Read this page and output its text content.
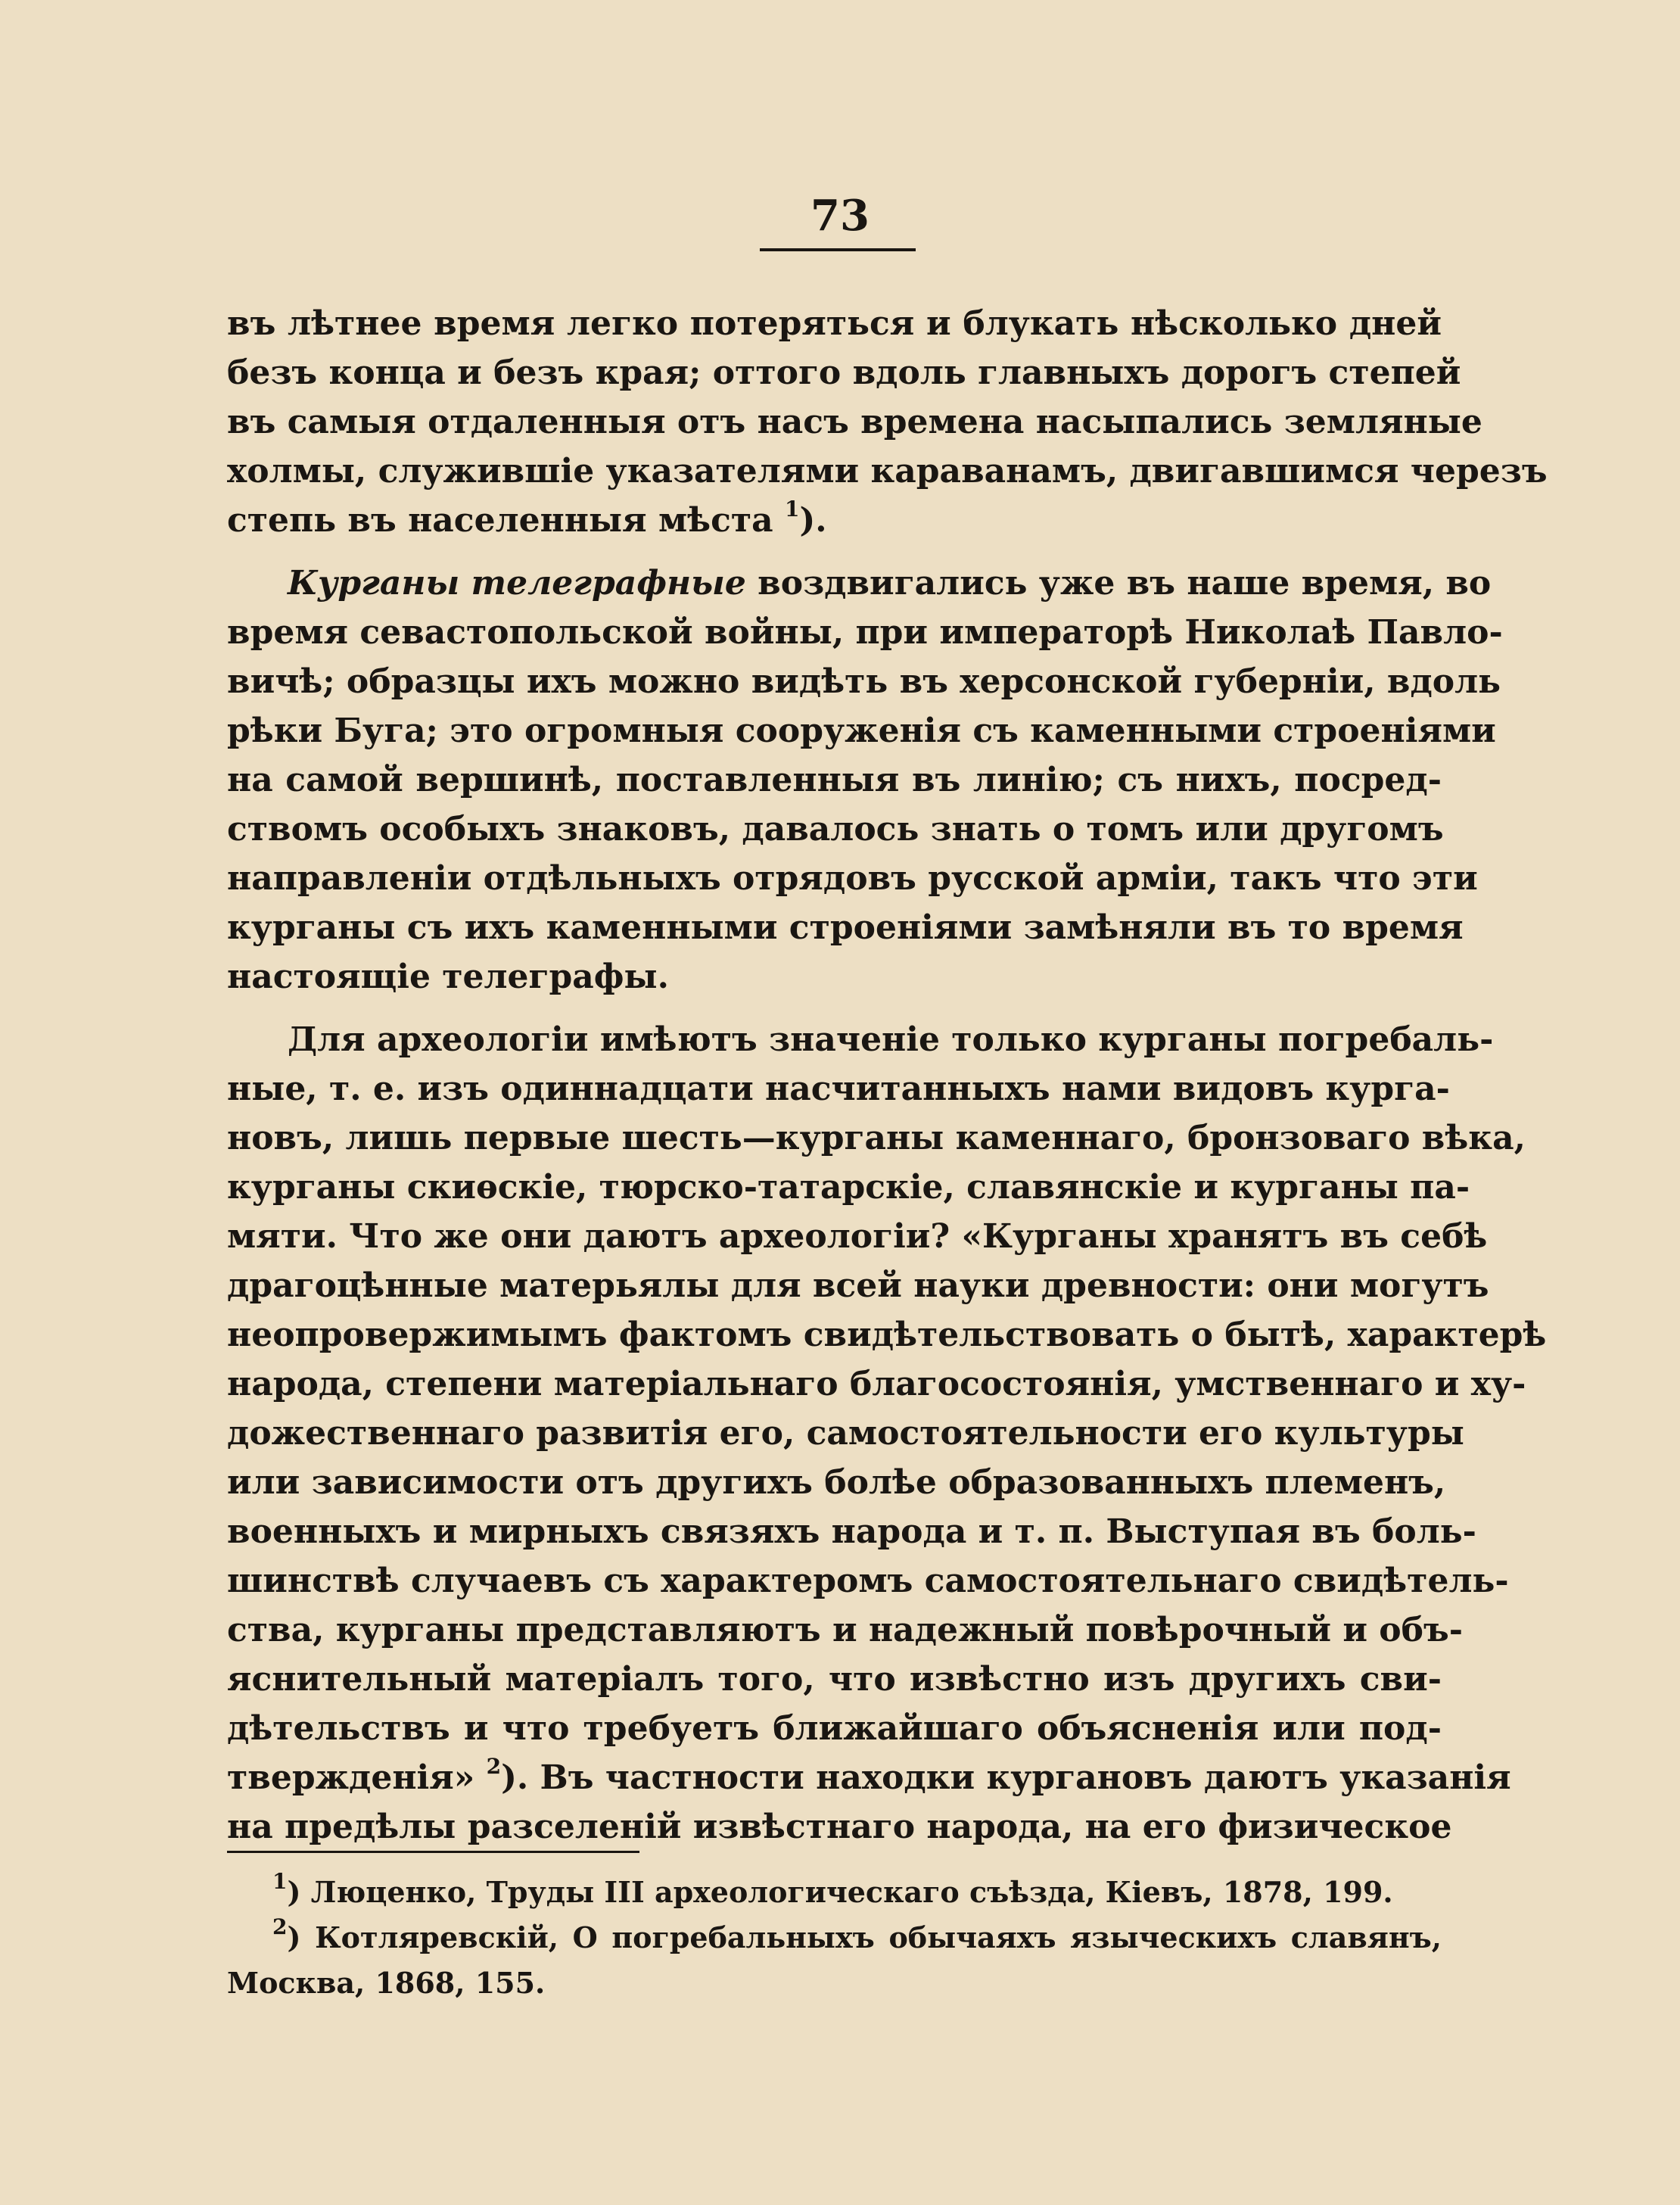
73
въ лѣтнее время легко потеряться и блукать нѣсколько дней
безъ конца и безъ края; оттого вдоль главныхъ дорогъ степей
въ самыя отдаленныя отъ насъ времена насыпались земляные
холмы, служившіе указателями караванамъ, двигавшимся черезъ
степь въ населенныя мѣста $^1$).
Курганы телеграфные воздвигались уже въ наше время, во
время севастопольской войны, при императорѣ Николаѣ Павло-
вичѣ; образцы ихъ можно видѣть въ херсонской губерніи, вдоль
рѣки Буга; это огромныя сооруженія съ каменными строеніями
на самой вершинѣ, поставленныя въ линію; съ нихъ, посред-
ствомъ особыхъ знаковъ, давалось знать о томъ или другомъ
направленіи отдѣльныхъ отрядовъ русской арміи, такъ что эти
курганы съ ихъ каменными строеніями замѣняли въ то время
настоящіе телеграфы.
Для археологіи имѣютъ значеніе только курганы погребаль-
ные, т. е. изъ одиннадцати насчитанныхъ нами видовъ курга-
новъ, лишь первые шесть—курганы каменнаго, бронзоваго вѣка,
курганы скиѳскіе, тюрско-татарскіе, славянскіе и курганы па-
мяти. Что же они даютъ археологіи? «Курганы хранятъ въ себѣ
драгоцѣнные матерьялы для всей науки древности: они могутъ
неопровержимымъ фактомъ свидѣтельствовать о бытѣ, характерѣ
народа, степени матеріальнаго благосостоянія, умственнаго и ху-
дожественнаго развитія его, самостоятельности его культуры
или зависимости отъ другихъ болѣе образованныхъ племенъ,
военныхъ и мирныхъ связяхъ народа и т. п. Выступая въ боль-
шинствѣ случаевъ съ характеромъ самостоятельнаго свидѣтель-
ства, курганы представляютъ и надежный повѣрочный и объ-
яснительный матеріалъ того, что извѣстно изъ другихъ сви-
дѣтельствъ и что требуетъ ближайшаго объясненія или под-
твержденія» $^2$). Въ частности находки кургановъ даютъ указанія
на предѣлы разселеній извѣстнаго народа, на его физическое
$^1$) Люценко, Труды III археологическаго съѣзда, Кіевъ, 1878, 199.
$^2$) Котляревскій, О погребальныхъ обычаяхъ языческихъ славянъ,
Москва, 1868, 155.
